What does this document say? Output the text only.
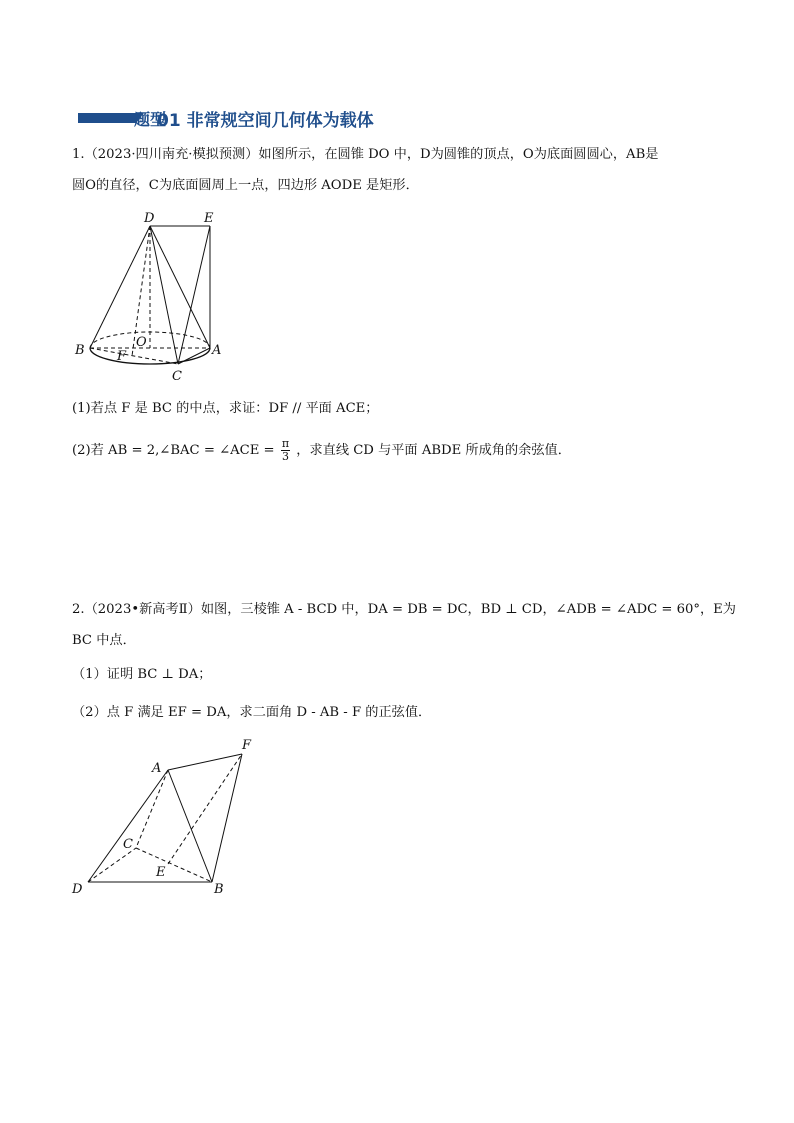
题型
01 非常规空间几何体为载体
1.（2023·四川南充·模拟预测）如图所示，在圆锥 DO 中，D为圆锥的顶点，O为底面圆圆心，AB是
圆O的直径，C为底面圆周上一点，四边形 AODE 是矩形．
D	E
B
O
A
F
C
(1)若点 F 是 BC 的中点，求证：DF // 平面 ACE；
(2)若 AB = 2,∠BAC = ∠ACE = $\frac{\pi}{3}$ ，求直线 CD 与平面 ABDE 所成角的余弦值．
2.（2023•新高考Ⅱ）如图，三棱锥 A - BCD 中，DA = DB = DC，BD ⊥ CD，∠ADB = ∠ADC = 60°，E为
BC 中点．
（1）证明 BC ⊥ DA；
（2）点 F 满足 EF = DA，求二面角 D - AB - F 的正弦值．
A
F
C
E
D	B
